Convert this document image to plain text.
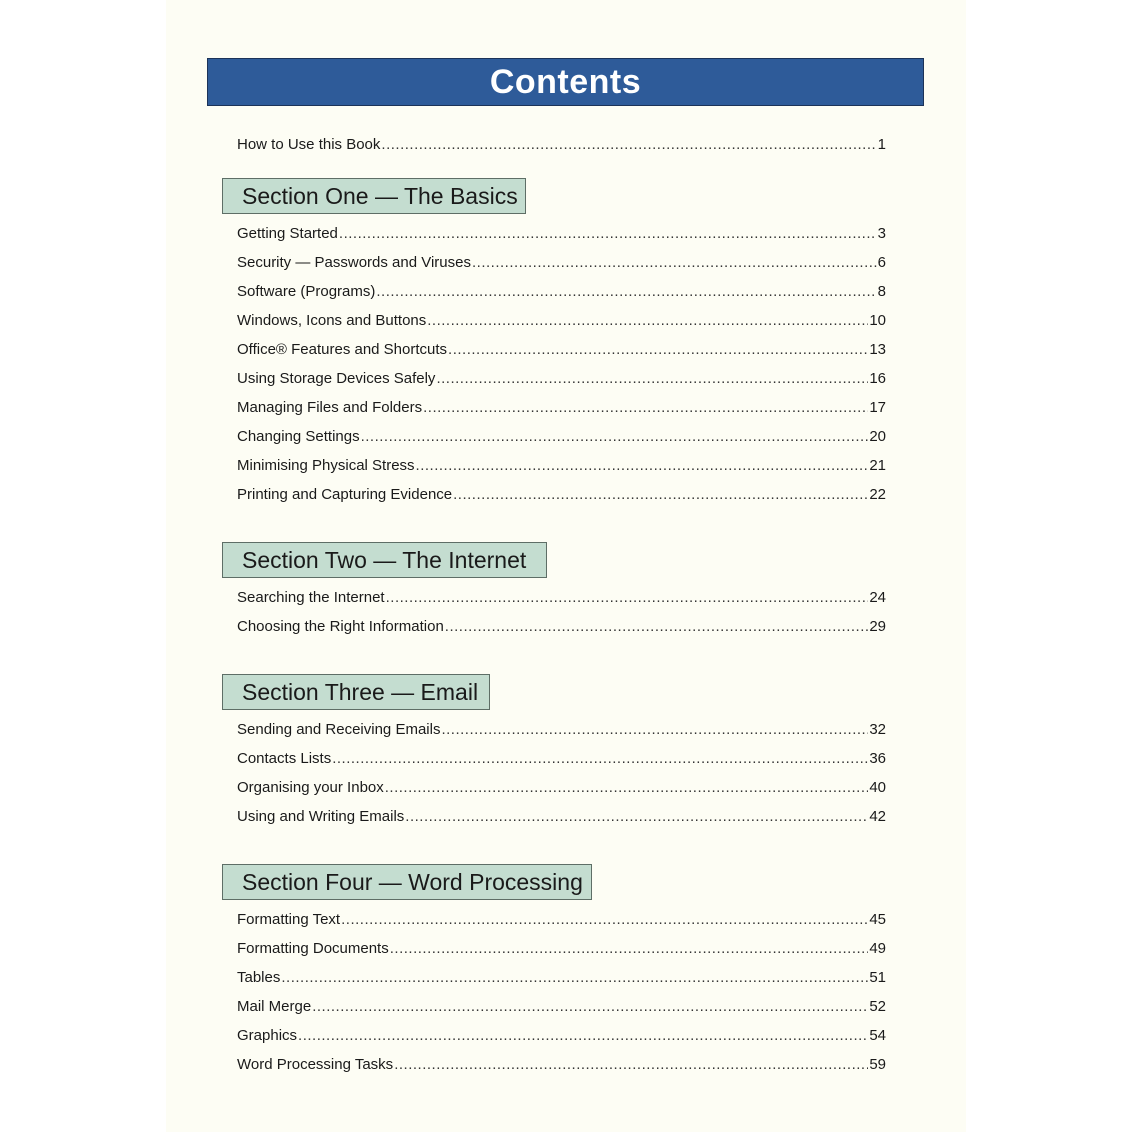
Contents
How to Use this Book .....	1
Section One — The Basics
Getting Started .....	3
Security — Passwords and Viruses .....	6
Software (Programs) .....	8
Windows, Icons and Buttons .....	10
Office® Features and Shortcuts .....	13
Using Storage Devices Safely .....	16
Managing Files and Folders .....	17
Changing Settings .....	20
Minimising Physical Stress .....	21
Printing and Capturing Evidence .....	22
Section Two — The Internet
Searching the Internet .....	24
Choosing the Right Information .....	29
Section Three — Email
Sending and Receiving Emails .....	32
Contacts Lists .....	36
Organising your Inbox .....	40
Using and Writing Emails .....	42
Section Four — Word Processing
Formatting Text .....	45
Formatting Documents .....	49
Tables .....	51
Mail Merge .....	52
Graphics .....	54
Word Processing Tasks .....	59
